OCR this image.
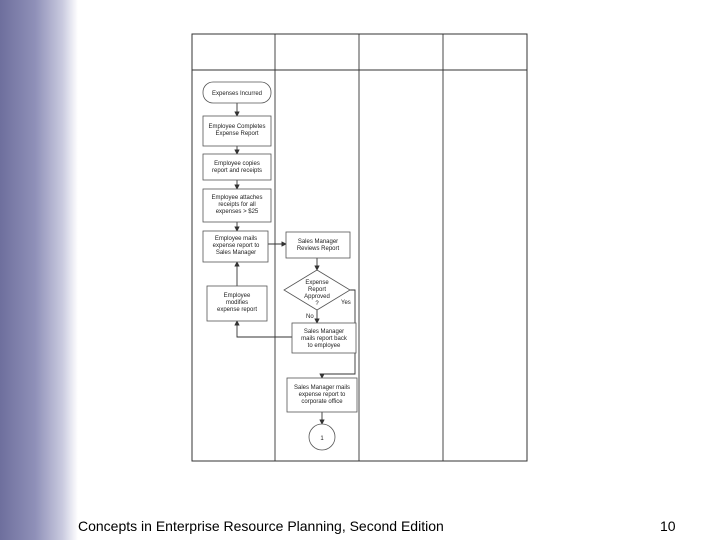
Expenses Incurred
Employee Completes Expense Report
Employee copies report and receipts
Employee attaches receipts for all expenses > $25
Employee mails expense report to Sales Manager
Sales Manager Reviews Report
Expense Report Approved ?	Yes
No
Employee modifies expense report
Sales Manager mails report back to employee
Sales Manager mails expense report to corporate office
1
Concepts in Enterprise Resource Planning, Second Edition	10
